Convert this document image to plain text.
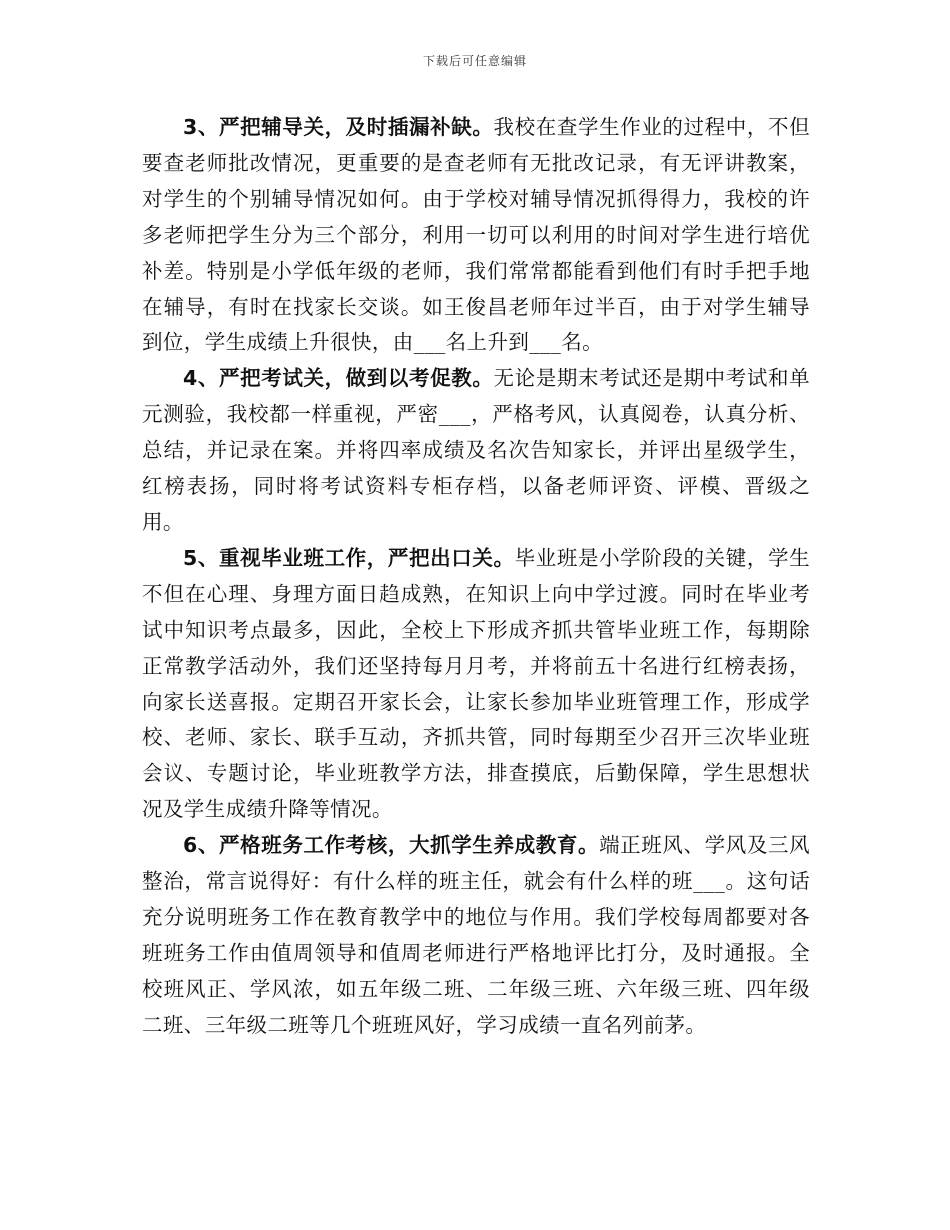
下载后可任意编辑

3、严把辅导关，及时插漏补缺。我校在查学生作业的过程中，不但要查老师批改情况，更重要的是查老师有无批改记录，有无评讲教案，对学生的个别辅导情况如何。由于学校对辅导情况抓得得力，我校的许多老师把学生分为三个部分，利用一切可以利用的时间对学生进行培优补差。特别是小学低年级的老师，我们常常都能看到他们有时手把手地在辅导，有时在找家长交谈。如王俊昌老师年过半百，由于对学生辅导到位，学生成绩上升很快，由___名上升到___名。

4、严把考试关，做到以考促教。无论是期末考试还是期中考试和单元测验，我校都一样重视，严密___，严格考风，认真阅卷，认真分析、总结，并记录在案。并将四率成绩及名次告知家长，并评出星级学生，红榜表扬，同时将考试资料专柜存档，以备老师评资、评模、晋级之用。

5、重视毕业班工作，严把出口关。毕业班是小学阶段的关键，学生不但在心理、身理方面日趋成熟，在知识上向中学过渡。同时在毕业考试中知识考点最多，因此，全校上下形成齐抓共管毕业班工作，每期除正常教学活动外，我们还坚持每月月考，并将前五十名进行红榜表扬，向家长送喜报。定期召开家长会，让家长参加毕业班管理工作，形成学校、老师、家长、联手互动，齐抓共管，同时每期至少召开三次毕业班会议、专题讨论，毕业班教学方法，排查摸底，后勤保障，学生思想状况及学生成绩升降等情况。

6、严格班务工作考核，大抓学生养成教育。端正班风、学风及三风整治，常言说得好：有什么样的班主任，就会有什么样的班___。这句话充分说明班务工作在教育教学中的地位与作用。我们学校每周都要对各班班务工作由值周领导和值周老师进行严格地评比打分，及时通报。全校班风正、学风浓，如五年级二班、二年级三班、六年级三班、四年级二班、三年级二班等几个班班风好，学习成绩一直名列前茅。
